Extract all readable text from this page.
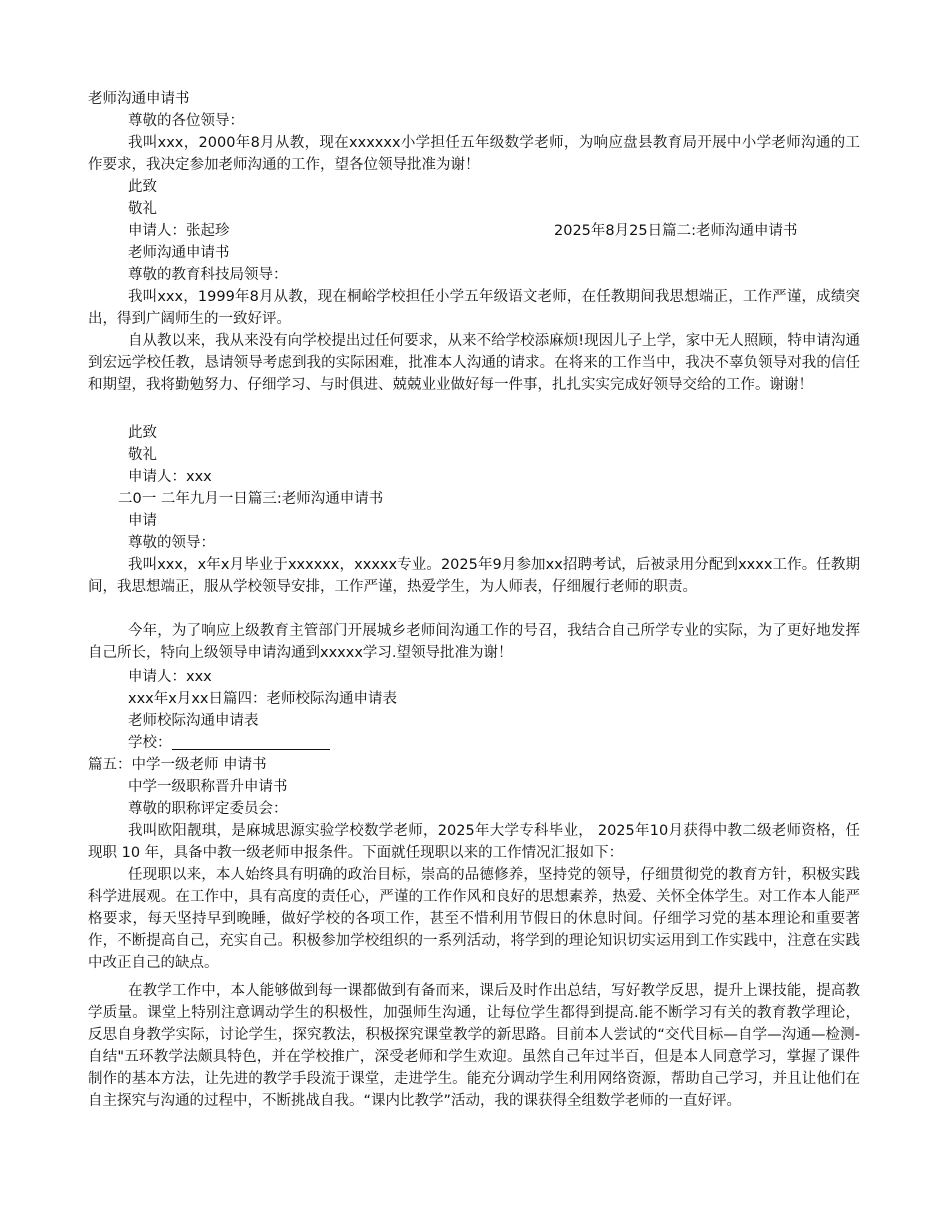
老师沟通申请书
尊敬的各位领导：

我叫xxx，2000年8月从教，现在xxxxxx小学担任五年级数学老师，为响应盘县教育局开展中小学老师沟通的工作要求，我决定参加老师沟通的工作，望各位领导批准为谢！

此致
敬礼
申请人：张起珍	2025年8月25日篇二:老师沟通申请书
老师沟通申请书
尊敬的教育科技局领导：

我叫xxx，1999年8月从教，现在桐峪学校担任小学五年级语文老师，在任教期间我思想端正，工作严谨，成绩突出，得到广阔师生的一致好评。

自从教以来，我从来没有向学校提出过任何要求，从来不给学校添麻烦!现因儿子上学，家中无人照顾，特申请沟通到宏远学校任教，恳请领导考虑到我的实际困难，批准本人沟通的请求。在将来的工作当中，我决不辜负领导对我的信任和期望，我将勤勉努力、仔细学习、与时俱进、兢兢业业做好每一件事，扎扎实实完成好领导交给的工作。谢谢！

此致
敬礼
申请人：xxx
二0一 二年九月一日篇三:老师沟通申请书
申请
尊敬的领导：

我叫xxx，x年x月毕业于xxxxxx，xxxxx专业。2025年9月参加xx招聘考试，后被录用分配到xxxx工作。任教期间，我思想端正，服从学校领导安排，工作严谨，热爱学生，为人师表，仔细履行老师的职责。

今年，为了响应上级教育主管部门开展城乡老师间沟通工作的号召，我结合自己所学专业的实际，为了更好地发挥自己所长，特向上级领导申请沟通到xxxxx学习.望领导批准为谢！

申请人：xxx
xxx年x月xx日篇四：老师校际沟通申请表
老师校际沟通申请表
学校：
篇五：中学一级老师 申请书
中学一级职称晋升申请书
尊敬的职称评定委员会：

我叫欧阳靓琪，是麻城思源实验学校数学老师，2025年大学专科毕业， 2025年10月获得中教二级老师资格，任现职 10 年，具备中教一级老师申报条件。下面就任现职以来的工作情况汇报如下：

任现职以来，本人始终具有明确的政治目标，崇高的品德修养，坚持党的领导，仔细贯彻党的教育方针，积极实践科学进展观。在工作中，具有高度的责任心，严谨的工作作风和良好的思想素养，热爱、关怀全体学生。对工作本人能严格要求，每天坚持早到晚睡，做好学校的各项工作，甚至不惜利用节假日的休息时间。仔细学习党的基本理论和重要著作，不断提高自己，充实自己。积极参加学校组织的一系列活动，将学到的理论知识切实运用到工作实践中，注意在实践中改正自己的缺点。

在教学工作中，本人能够做到每一课都做到有备而来，课后及时作出总结，写好教学反思，提升上课技能，提高教学质量。课堂上特别注意调动学生的积极性，加强师生沟通，让每位学生都得到提高.能不断学习有关的教育教学理论，反思自身教学实际，讨论学生，探究教法，积极探究课堂教学的新思路。目前本人尝试的“交代目标—自学—沟通—检测-自结"五环教学法颇具特色，并在学校推广，深受老师和学生欢迎。虽然自己年过半百，但是本人同意学习，掌握了课件制作的基本方法，让先进的教学手段流于课堂，走进学生。能充分调动学生利用网络资源，帮助自己学习，并且让他们在自主探究与沟通的过程中，不断挑战自我。“课内比教学”活动，我的课获得全组数学老师的一直好评。
